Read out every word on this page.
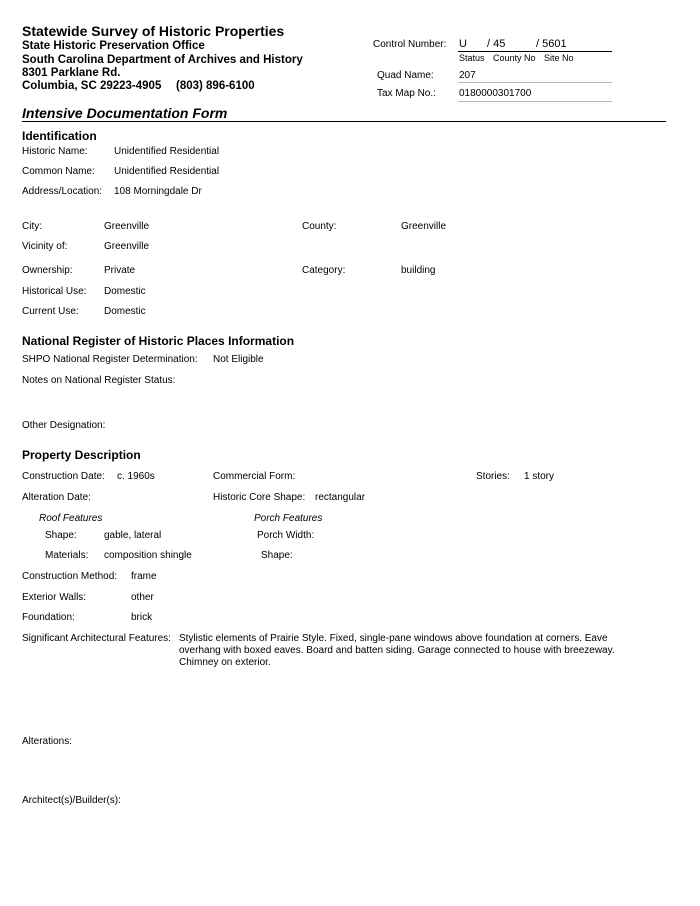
Statewide Survey of Historic Properties
State Historic Preservation Office
South Carolina Department of Archives and History
8301 Parklane Rd.
Columbia, SC 29223-4905 (803) 896-6100
Control Number: U / 45	/ 5601
Status County No Site No
Quad Name:	207
Tax Map No.: 0180000301700
Intensive Documentation Form
Identification
Historic Name:	Unidentified Residential
Common Name: Unidentified Residential
Address/Location: 108 Morningdale Dr
City:	Greenville	County:	Greenville
Vicinity of:	Greenville
Ownership:	Private	Category:	building
Historical Use: Domestic
Current Use:	Domestic
National Register of Historic Places Information
SHPO National Register Determination: Not Eligible
Notes on National Register Status:
Other Designation:
Property Description
Construction Date: c. 1960s	Commercial Form:	Stories: 1 story
Alteration Date:	Historic Core Shape: rectangular
Roof Features	Porch Features
Shape:	gable, lateral	Porch Width:
Materials: composition shingle	Shape:
Construction Method: frame
Exterior Walls:	other
Foundation:	brick
Significant Architectural Features: Stylistic elements of Prairie Style. Fixed, single-pane windows above foundation at corners. Eave overhang with boxed eaves. Board and batten siding. Garage connected to house with breezeway. Chimney on exterior.
Alterations:
Architect(s)/Builder(s):
